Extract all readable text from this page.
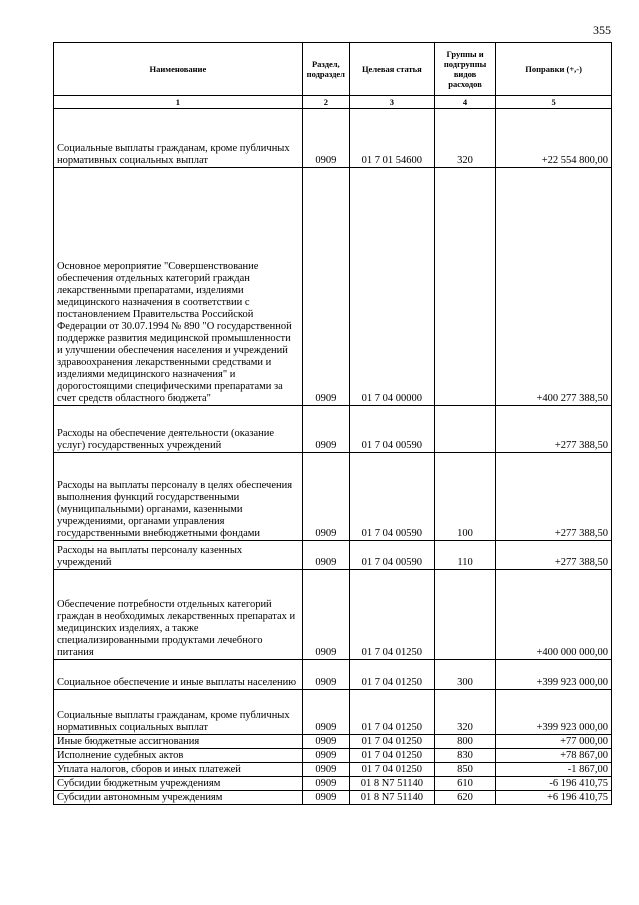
355
Наименование	Раздел, подраздел	Целевая статья	Группы и подгруппы видов расходов	Поправки (+,-)
1	2	3	4	5
Социальные выплаты гражданам, кроме публичных нормативных социальных выплат	0909	01 7 01 54600	320	+22 554 800,00
Основное мероприятие "Совершенствование обеспечения отдельных категорий граждан лекарственными препаратами, изделиями медицинского назначения в соответствии с постановлением Правительства Российской Федерации от 30.07.1994 № 890 "О государственной поддержке развития медицинской промышленности и улучшении обеспечения населения и учреждений здравоохранения лекарственными средствами и изделиями медицинского назначения" и дорогостоящими специфическими препаратами за счет средств областного бюджета"	0909	01 7 04 00000		+400 277 388,50
Расходы на обеспечение деятельности (оказание услуг) государственных учреждений	0909	01 7 04 00590		+277 388,50
Расходы на выплаты персоналу в целях обеспечения выполнения функций государственными (муниципальными) органами, казенными учреждениями, органами управления государственными внебюджетными фондами	0909	01 7 04 00590	100	+277 388,50
Расходы на выплаты персоналу казенных учреждений	0909	01 7 04 00590	110	+277 388,50
Обеспечение потребности отдельных категорий граждан в необходимых лекарственных препаратах и медицинских изделиях, а также специализированными продуктами лечебного питания	0909	01 7 04 01250		+400 000 000,00
Социальное обеспечение и иные выплаты населению	0909	01 7 04 01250	300	+399 923 000,00
Социальные выплаты гражданам, кроме публичных нормативных социальных выплат	0909	01 7 04 01250	320	+399 923 000,00
Иные бюджетные ассигнования	0909	01 7 04 01250	800	+77 000,00
Исполнение судебных актов	0909	01 7 04 01250	830	+78 867,00
Уплата налогов, сборов и иных платежей	0909	01 7 04 01250	850	-1 867,00
Субсидии бюджетным учреждениям	0909	01 8 N7 51140	610	-6 196 410,75
Субсидии автономным учреждениям	0909	01 8 N7 51140	620	+6 196 410,75
